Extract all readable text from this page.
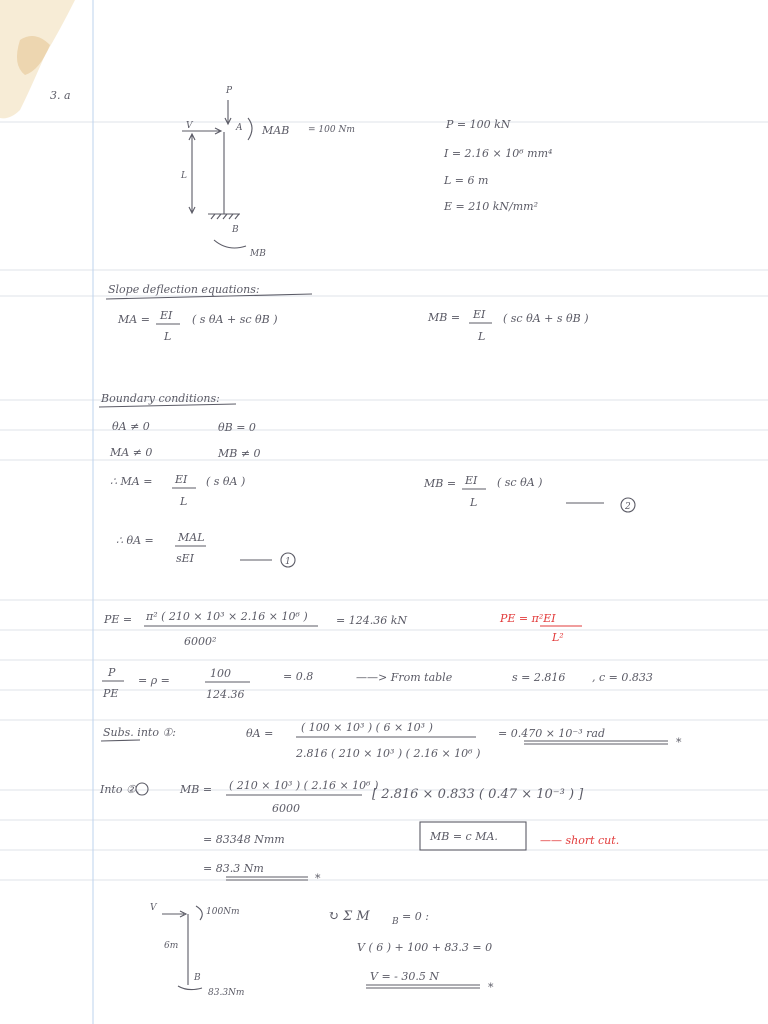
3. a	P
V	A MAB = 100 Nm
L
B
MB
P = 100 kN
I = 2.16 × 10⁶ mm⁴
L = 6 m
E = 210 kN/mm²
Slope deflection equations:
MA = EI
L
( s θA + sc θB )	MB = EI
L
( sc θA + s θB )
Boundary conditions:
θA ≠ 0	θB = 0
MA ≠ 0	MB ≠ 0
∴ MA = EI
L
( s θA )	MB = EI
L
( sc θA )
2
∴ θA = MAL
sEI	1
PE = π² ( 210 × 10³ × 2.16 × 10⁶ )
6000²
= 124.36 kN	PE = π²EI
L²
P
PE
= ρ =
100
124.36
= 0.8	——> From table	s = 2.816 , c = 0.833
Subs. into ①:	θA =	( 100 × 10³ ) ( 6 × 10³ )
2.816 ( 210 × 10³ ) ( 2.16 × 10⁶ )
= 0.470 × 10⁻³ rad
*
Into ②.	MB = ( 210 × 10³ ) ( 2.16 × 10⁶ )
6000
[ 2.816 × 0.833 ( 0.47 × 10⁻³ ) ]
= 83348 Nmm	MB = c MA.	—— short cut.
= 83.3 Nm
*
V	100Nm
6m
B
83.3Nm
↻ Σ M B = 0 :
V ( 6 ) + 100 + 83.3 = 0
V = - 30.5 N
*
